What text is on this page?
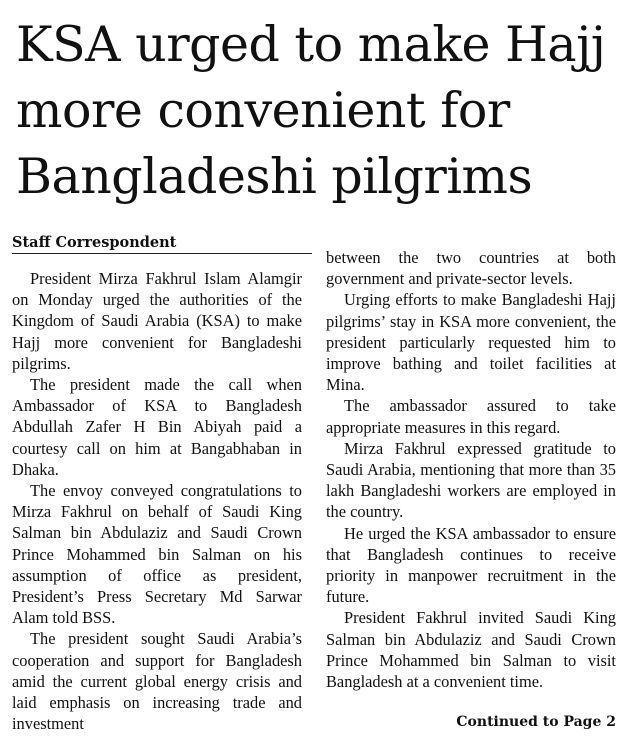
KSA urged to make Hajj
more convenient for
Bangladeshi pilgrims
Staff Correspondent

President Mirza Fakhrul Islam Alamgir on Monday urged the authorities of the Kingdom of Saudi Arabia (KSA) to make Hajj more convenient for Bangladeshi pilgrims.

The president made the call when Ambassador of KSA to Bangladesh Abdullah Zafer H Bin Abiyah paid a courtesy call on him at Bangabhaban in Dhaka.

The envoy conveyed congratulations to Mirza Fakhrul on behalf of Saudi King Salman bin Abdulaziz and Saudi Crown Prince Mohammed bin Salman on his assumption of office as president, President’s Press Secretary Md Sarwar Alam told BSS.

The president sought Saudi Arabia’s cooperation and support for Bangladesh amid the current global energy crisis and laid emphasis on increasing trade and investment

between the two countries at both government and private-sector levels.

Urging efforts to make Bangladeshi Hajj pilgrims’ stay in KSA more convenient, the president particularly requested him to improve bathing and toilet facilities at Mina.

The ambassador assured to take appropriate measures in this regard.

Mirza Fakhrul expressed gratitude to Saudi Arabia, mentioning that more than 35 lakh Bangladeshi workers are employed in the country.

He urged the KSA ambassador to ensure that Bangladesh continues to receive priority in manpower recruitment in the future.

President Fakhrul invited Saudi King Salman bin Abdulaziz and Saudi Crown Prince Mohammed bin Salman to visit Bangladesh at a convenient time.

Continued to Page 2
